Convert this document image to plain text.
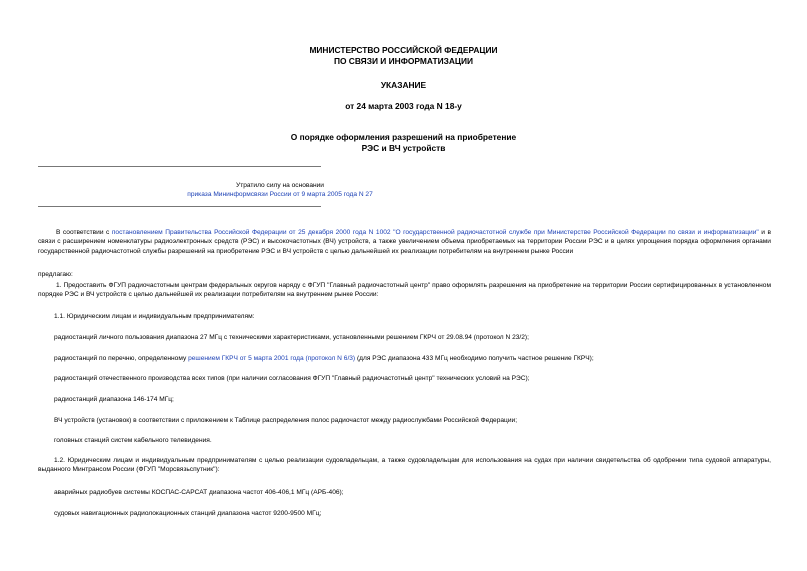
МИНИСТЕРСТВО РОССИЙСКОЙ ФЕДЕРАЦИИ
ПО СВЯЗИ И ИНФОРМАТИЗАЦИИ
УКАЗАНИЕ
от 24 марта 2003 года N 18-у
О порядке оформления разрешений на приобретение
РЭС и ВЧ устройств
Утратило силу на основании
приказа Мининформсвязи России от 9 марта 2005 года N 27
В соответствии с постановлением Правительства Российской Федерации от 25 декабря 2000 года N 1002 "О государственной радиочастотной службе при Министерстве Российской Федерации по связи и информатизации" и в связи с расширением номенклатуры радиоэлектронных средств (РЭС) и высокочастотных (ВЧ) устройств, а также увеличением объема приобретаемых на территории России РЭС и в целях упрощения порядка оформления органами государственной радиочастотной службы разрешений на приобретение РЭС и ВЧ устройств с целью дальнейшей их реализации потребителям на внутреннем рынке России
предлагаю:
1. Предоставить ФГУП радиочастотным центрам федеральных округов наряду с ФГУП "Главный радиочастотный центр" право оформлять разрешения на приобретение на территории России сертифицированных в установленном порядке РЭС и ВЧ устройств с целью дальнейшей их реализации потребителям на внутреннем рынке России:
1.1. Юридическим лицам и индивидуальным предпринимателям:
радиостанций личного пользования диапазона 27 МГц с техническими характеристиками, установленными решением ГКРЧ от 29.08.94 (протокол N 23/2);
радиостанций по перечню, определенному решением ГКРЧ от 5 марта 2001 года (протокол N 6/3) (для РЭС диапазона 433 МГц необходимо получить частное решение ГКРЧ);
радиостанций отечественного производства всех типов (при наличии согласования ФГУП "Главный радиочастотный центр" технических условий на РЭС);
радиостанций диапазона 146-174 МГц;
ВЧ устройств (установок) в соответствии с приложением к Таблице распределения полос радиочастот между радиослужбами Российской Федерации;
головных станций систем кабельного телевидения.
1.2. Юридическим лицам и индивидуальным предпринимателям с целью реализации судовладельцам, а также судовладельцам для использования на судах при наличии свидетельства об одобрении типа судовой аппаратуры, выданного Минтрансом России (ФГУП "Морсвязьспутник"):
аварийных радиобуев системы КОСПАС-САРСАТ диапазона частот 406-406,1 МГц (АРБ-406);
судовых навигационных радиолокационных станций диапазона частот 9200-9500 МГц;
